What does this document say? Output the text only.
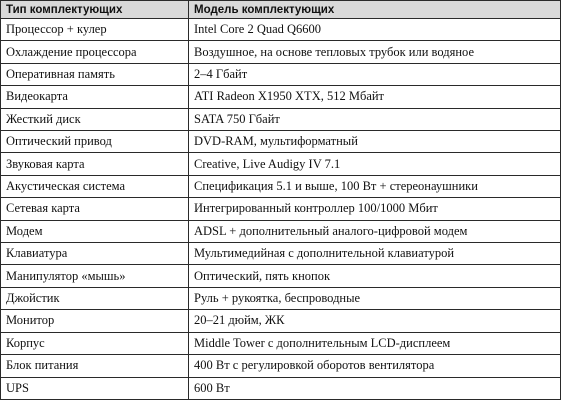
Тип комплектующих	Модель комплектующих
Процессор + кулер	Intel Core 2 Quad Q6600
Охлаждение процессора	Воздушное, на основе тепловых трубок или водяное
Оперативная память	2–4 Гбайт
Видеокарта	ATI Radeon X1950 XTX, 512 Мбайт
Жесткий диск	SATA 750 Гбайт
Оптический привод	DVD-RAM, мультиформатный
Звуковая карта	Creative, Live Audigy IV 7.1
Акустическая система	Спецификация 5.1 и выше, 100 Вт + стереонаушники
Сетевая карта	Интегрированный контроллер 100/1000 Мбит
Модем	ADSL + дополнительный аналого-цифровой модем
Клавиатура	Мультимедийная с дополнительной клавиатурой
Манипулятор «мышь»	Оптический, пять кнопок
Джойстик	Руль + рукоятка, беспроводные
Монитор	20–21 дюйм, ЖК
Корпус	Middle Tower с дополнительным LCD-дисплеем
Блок питания	400 Вт с регулировкой оборотов вентилятора
UPS	600 Вт
